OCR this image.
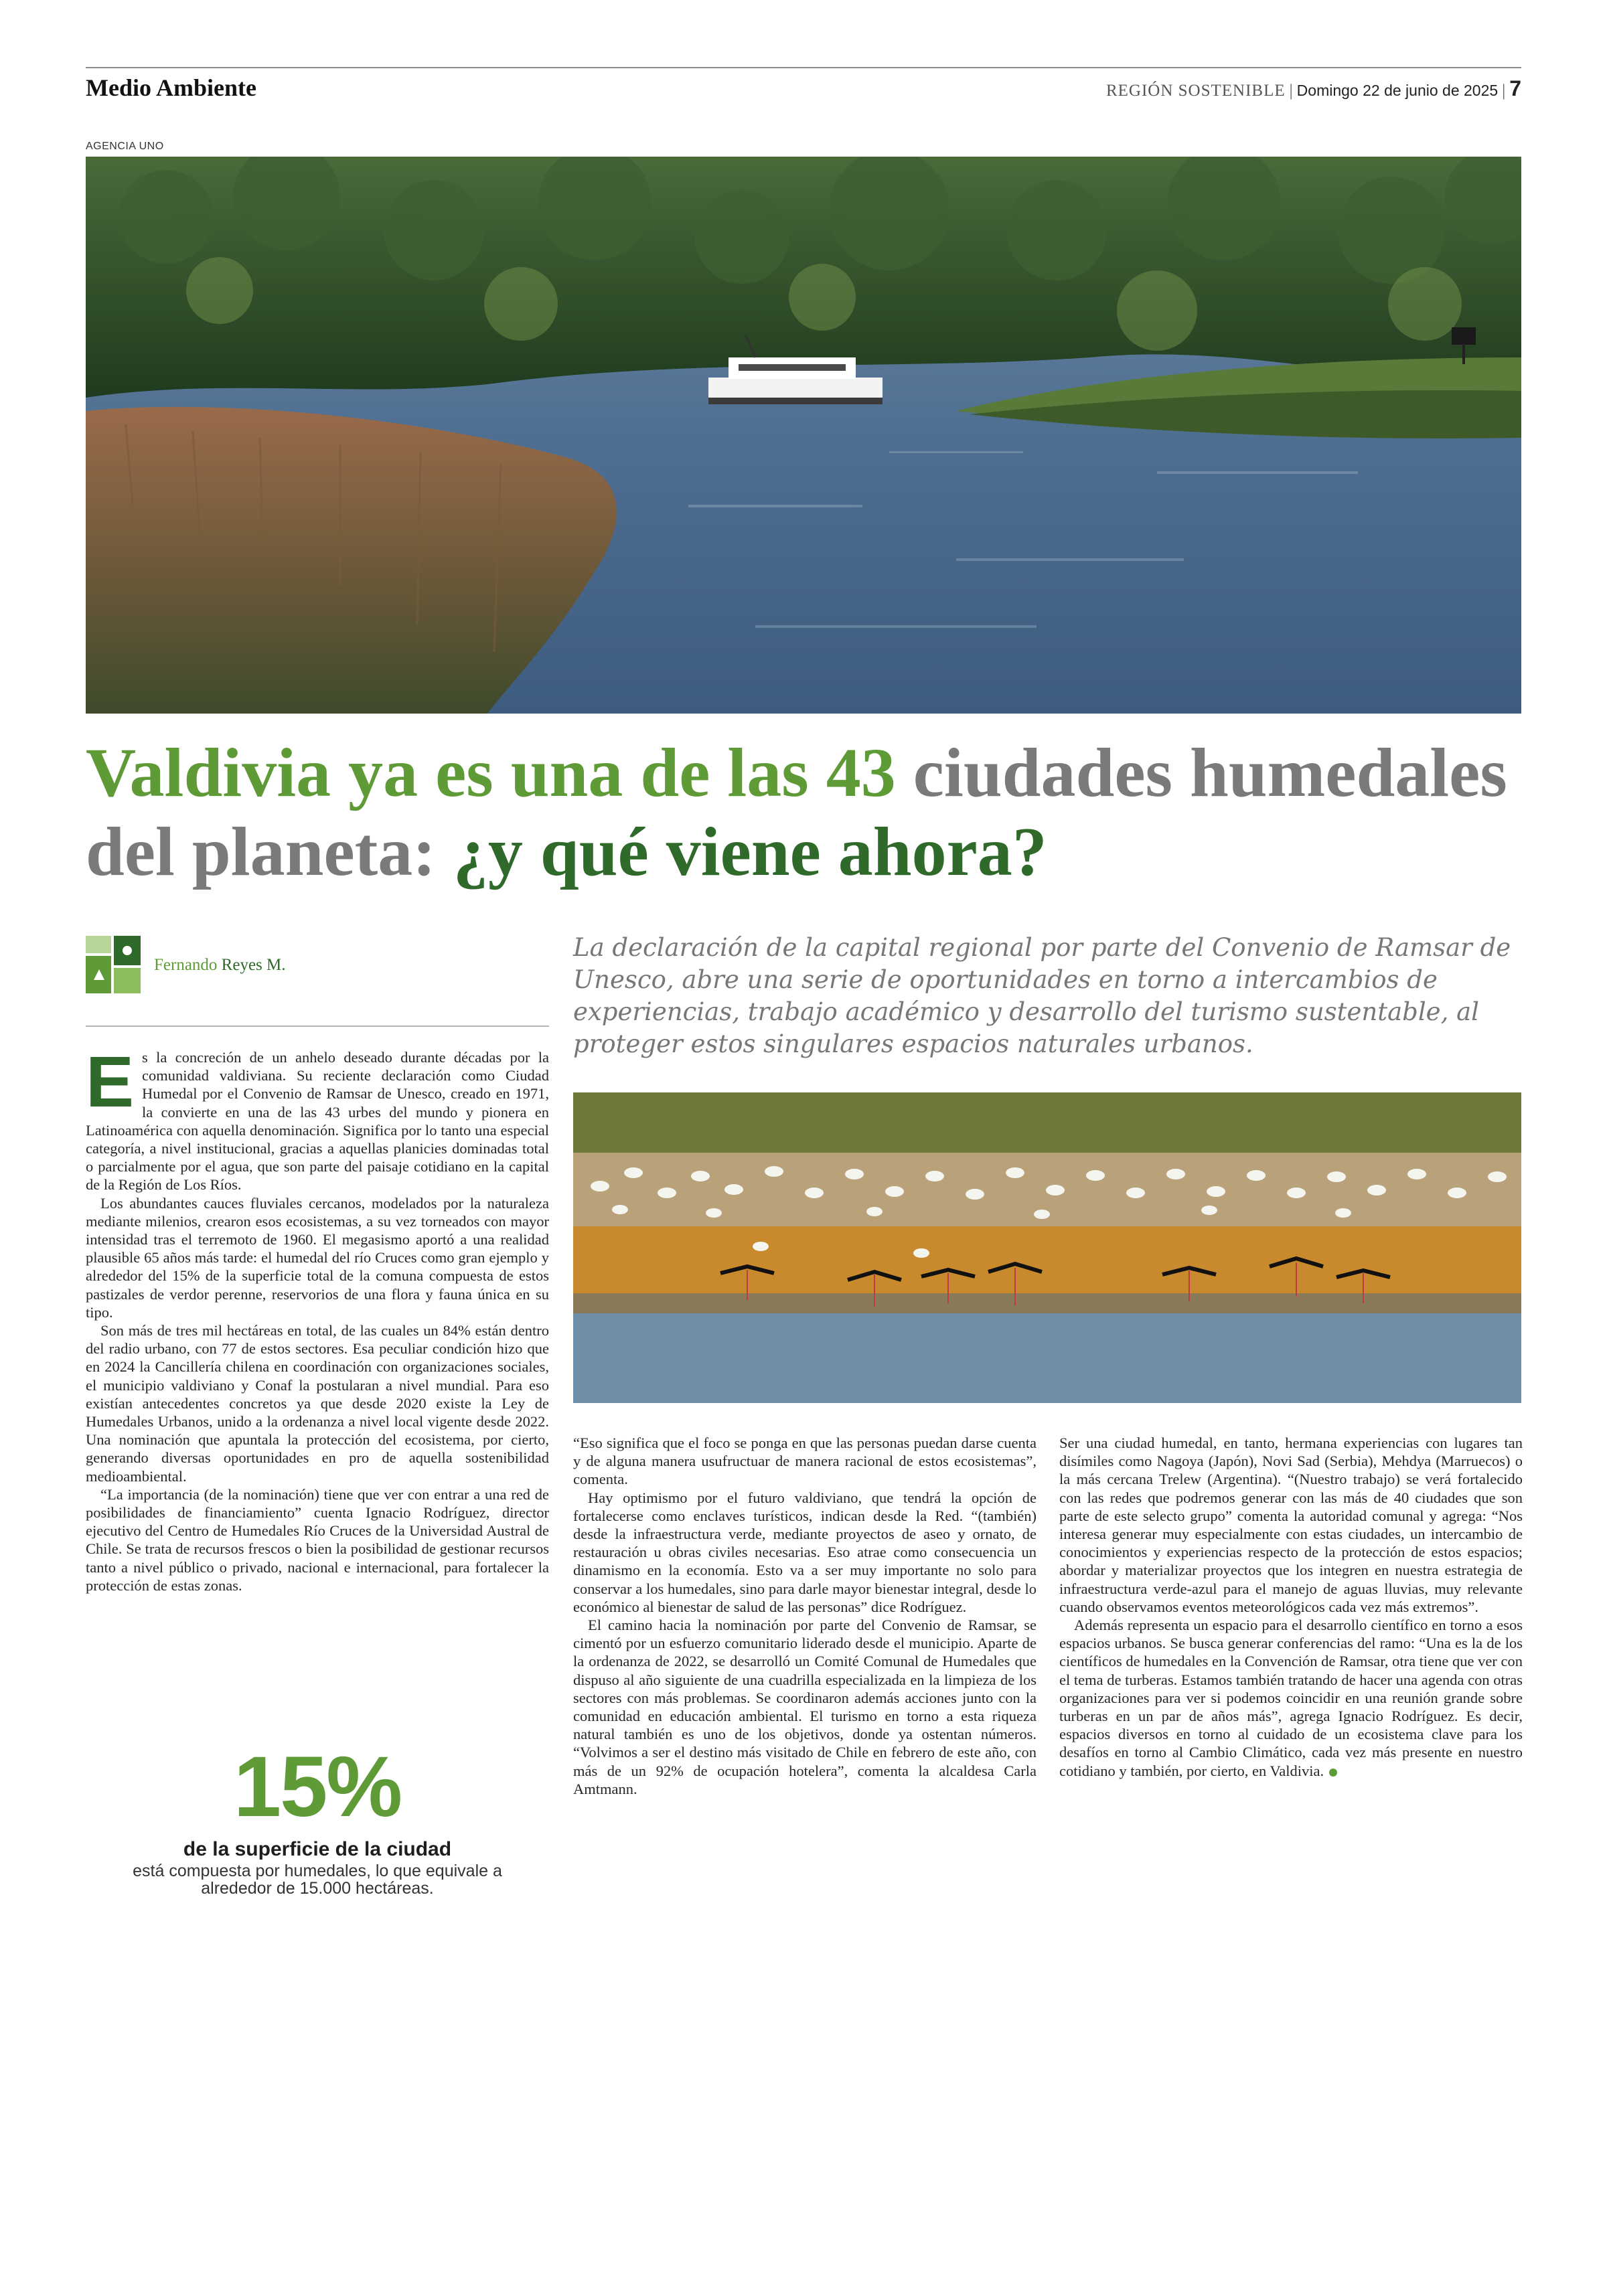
Medio Ambiente	REGIÓN SOSTENIBLE | Domingo 22 de junio de 2025 | 7
AGENCIA UNO
Valdivia ya es una de las 43 ciudades humedales del planeta: ¿y qué viene ahora?
Fernando Reyes M.

La declaración de la capital regional por parte del Convenio de Ramsar de Unesco, abre una serie de oportunidades en torno a intercambios de experiencias, trabajo académico y desarrollo del turismo sustentable, al proteger estos singulares espacios naturales urbanos.

E s la concreción de un anhelo deseado durante décadas por la comunidad valdiviana. Su reciente declaración como Ciudad Humedal por el Convenio de Ramsar de Unesco, creado en 1971, la convierte en una de las 43 urbes del mundo y pionera en Latinoamérica con aquella denominación. Significa por lo tanto una especial categoría, a nivel institucional, gracias a aquellas planicies dominadas total o parcialmente por el agua, que son parte del paisaje cotidiano en la capital de la Región de Los Ríos.

Los abundantes cauces fluviales cercanos, modelados por la naturaleza mediante milenios, crearon esos ecosistemas, a su vez torneados con mayor intensidad tras el terremoto de 1960. El megasismo aportó a una realidad plausible 65 años más tarde: el humedal del río Cruces como gran ejemplo y alrededor del 15% de la superficie total de la comuna compuesta de estos pastizales de verdor perenne, reservorios de una flora y fauna única en su tipo.

Son más de tres mil hectáreas en total, de las cuales un 84% están dentro del radio urbano, con 77 de estos sectores. Esa peculiar condición hizo que en 2024 la Cancillería chilena en coordinación con organizaciones sociales, el municipio valdiviano y Conaf la postularan a nivel mundial. Para eso existían antecedentes concretos ya que desde 2020 existe la Ley de Humedales Urbanos, unido a la ordenanza a nivel local vigente desde 2022. Una nominación que apuntala la protección del ecosistema, por cierto, generando diversas oportunidades en pro de aquella sostenibilidad medioambiental.

“La importancia (de la nominación) tiene que ver con entrar a una red de posibilidades de financiamiento” cuenta Ignacio Rodríguez, director ejecutivo del Centro de Humedales Río Cruces de la Universidad Austral de Chile. Se trata de recursos frescos o bien la posibilidad de gestionar recursos tanto a nivel público o privado, nacional e internacional, para fortalecer la protección de estas zonas.

15%
de la superficie de la ciudad
está compuesta por humedales, lo que equivale a alrededor de 15.000 hectáreas.

“Eso significa que el foco se ponga en que las personas puedan darse cuenta y de alguna manera usufructuar de manera racional de estos ecosistemas”, comenta.

Hay optimismo por el futuro valdiviano, que tendrá la opción de fortalecerse como enclaves turísticos, indican desde la Red. “(también) desde la infraestructura verde, mediante proyectos de aseo y ornato, de restauración u obras civiles necesarias. Eso atrae como consecuencia un dinamismo en la economía. Esto va a ser muy importante no solo para conservar a los humedales, sino para darle mayor bienestar integral, desde lo económico al bienestar de salud de las personas” dice Rodríguez.

El camino hacia la nominación por parte del Convenio de Ramsar, se cimentó por un esfuerzo comunitario liderado desde el municipio. Aparte de la ordenanza de 2022, se desarrolló un Comité Comunal de Humedales que dispuso al año siguiente de una cuadrilla especializada en la limpieza de los sectores con más problemas. Se coordinaron además acciones junto con la comunidad en educación ambiental. El turismo en torno a esta riqueza natural también es uno de los objetivos, donde ya ostentan números. “Volvimos a ser el destino más visitado de Chile en febrero de este año, con más de un 92% de ocupación hotelera”, comenta la alcaldesa Carla Amtmann.

Ser una ciudad humedal, en tanto, hermana experiencias con lugares tan disímiles como Nagoya (Japón), Novi Sad (Serbia), Mehdya (Marruecos) o la más cercana Trelew (Argentina). “(Nuestro trabajo) se verá fortalecido con las redes que podremos generar con las más de 40 ciudades que son parte de este selecto grupo” comenta la autoridad comunal y agrega: “Nos interesa generar muy especialmente con estas ciudades, un intercambio de conocimientos y experiencias respecto de la protección de estos espacios; abordar y materializar proyectos que los integren en nuestra estrategia de infraestructura verde-azul para el manejo de aguas lluvias, muy relevante cuando observamos eventos meteorológicos cada vez más extremos”.

Además representa un espacio para el desarrollo científico en torno a esos espacios urbanos. Se busca generar conferencias del ramo: “Una es la de los científicos de humedales en la Convención de Ramsar, otra tiene que ver con el tema de turberas. Estamos también tratando de hacer una agenda con otras organizaciones para ver si podemos coincidir en una reunión grande sobre turberas en un par de años más”, agrega Ignacio Rodríguez. Es decir, espacios diversos en torno al cuidado de un ecosistema clave para los desafíos en torno al Cambio Climático, cada vez más presente en nuestro cotidiano y también, por cierto, en Valdivia.
